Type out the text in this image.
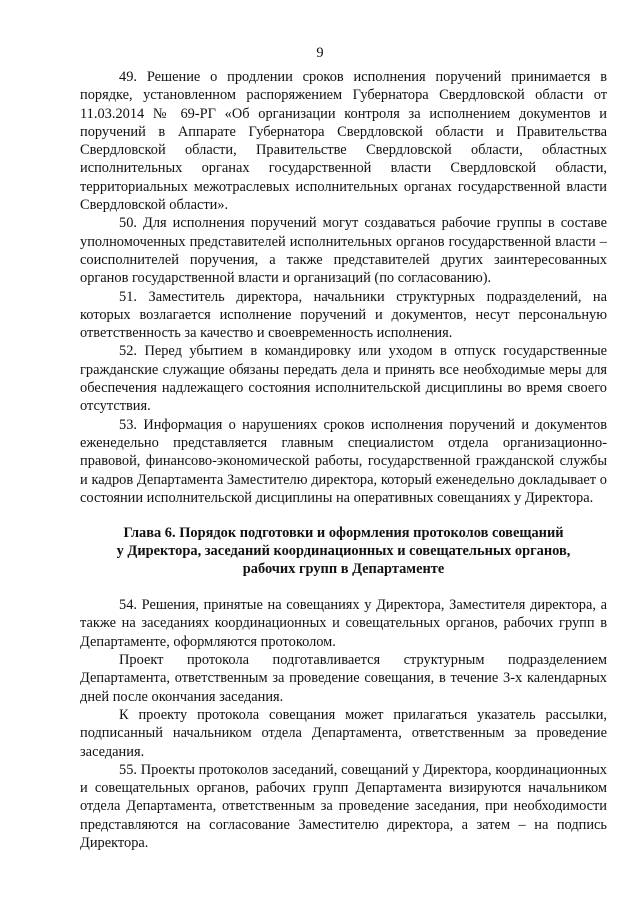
9

49. Решение о продлении сроков исполнения поручений принимается в порядке, установленном распоряжением Губернатора Свердловской области от 11.03.2014 № 69-РГ «Об организации контроля за исполнением документов и поручений в Аппарате Губернатора Свердловской области и Правительства Свердловской области, Правительстве Свердловской области, областных исполнительных органах государственной власти Свердловской области, территориальных межотраслевых исполнительных органах государственной власти Свердловской области».

50. Для исполнения поручений могут создаваться рабочие группы в составе уполномоченных представителей исполнительных органов государственной власти – соисполнителей поручения, а также представителей других заинтересованных органов государственной власти и организаций (по согласованию).

51. Заместитель директора, начальники структурных подразделений, на которых возлагается исполнение поручений и документов, несут персональную ответственность за качество и своевременность исполнения.

52. Перед убытием в командировку или уходом в отпуск государственные гражданские служащие обязаны передать дела и принять все необходимые меры для обеспечения надлежащего состояния исполнительской дисциплины во время своего отсутствия.

53. Информация о нарушениях сроков исполнения поручений и документов еженедельно представляется главным специалистом отдела организационно-правовой, финансово-экономической работы, государственной гражданской службы и кадров Департамента Заместителю директора, который еженедельно докладывает о состоянии исполнительской дисциплины на оперативных совещаниях у Директора.

Глава 6. Порядок подготовки и оформления протоколов совещаний
у Директора, заседаний координационных и совещательных органов,
рабочих групп в Департаменте

54. Решения, принятые на совещаниях у Директора, Заместителя директора, а также на заседаниях координационных и совещательных органов, рабочих групп в Департаменте, оформляются протоколом.

Проект протокола подготавливается структурным подразделением Департамента, ответственным за проведение совещания, в течение 3-х календарных дней после окончания заседания.

К проекту протокола совещания может прилагаться указатель рассылки, подписанный начальником отдела Департамента, ответственным за проведение заседания.

55. Проекты протоколов заседаний, совещаний у Директора, координационных и совещательных органов, рабочих групп Департамента визируются начальником отдела Департамента, ответственным за проведение заседания, при необходимости представляются на согласование Заместителю директора, а затем – на подпись Директора.
